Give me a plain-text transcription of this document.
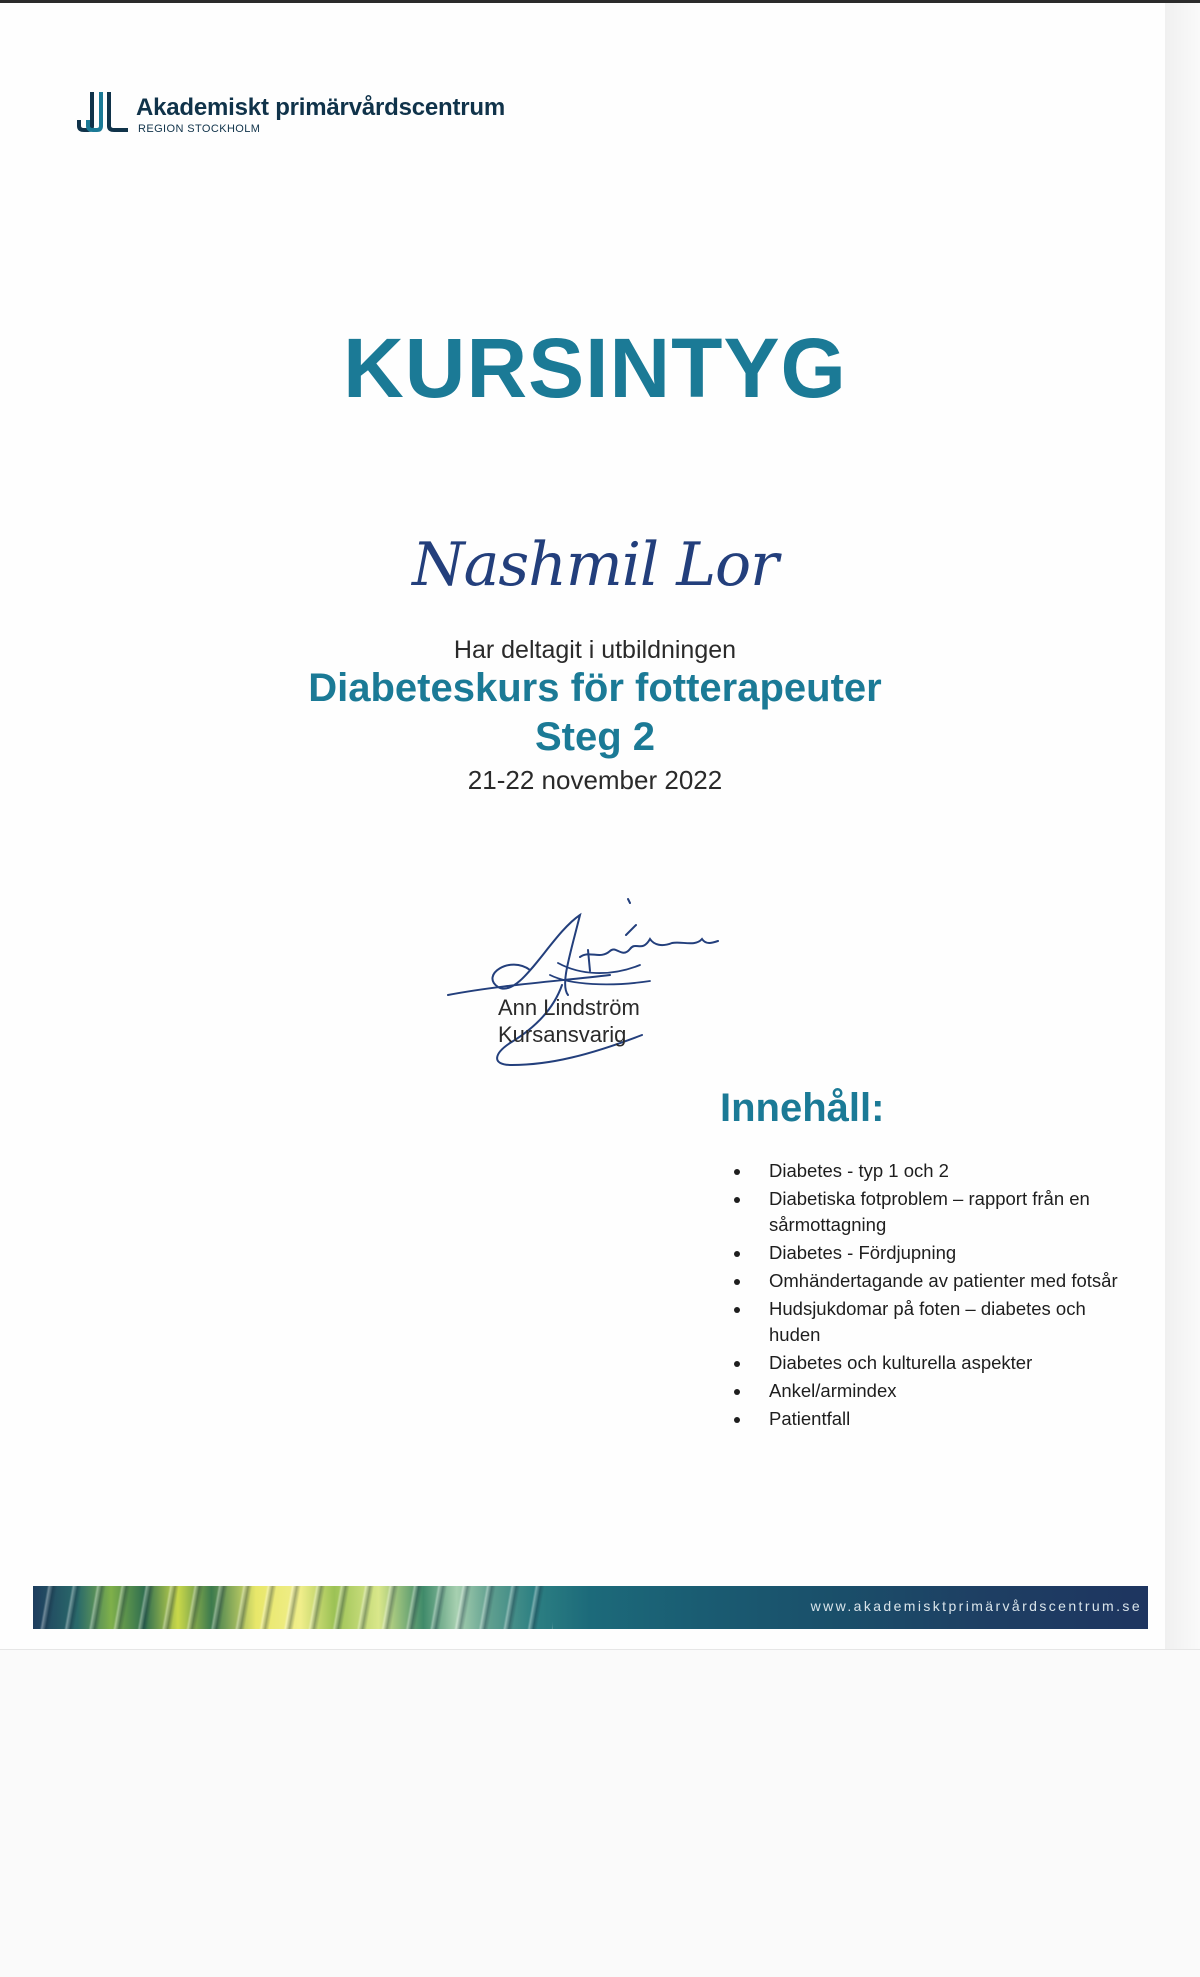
Akademiskt primärvårdscentrum
REGION STOCKHOLM
KURSINTYG
Nashmil Lor
Har deltagit i utbildningen
Diabeteskurs för fotterapeuter
Steg 2
21-22 november 2022
Ann Lindström
Kursansvarig
Innehåll:
Diabetes - typ 1 och 2
Diabetiska fotproblem – rapport från en sårmottagning
Diabetes - Fördjupning
Omhändertagande av patienter med fotsår
Hudsjukdomar på foten – diabetes och huden
Diabetes och kulturella aspekter
Ankel/armindex
Patientfall
www.akademisktprimärvårdscentrum.se
